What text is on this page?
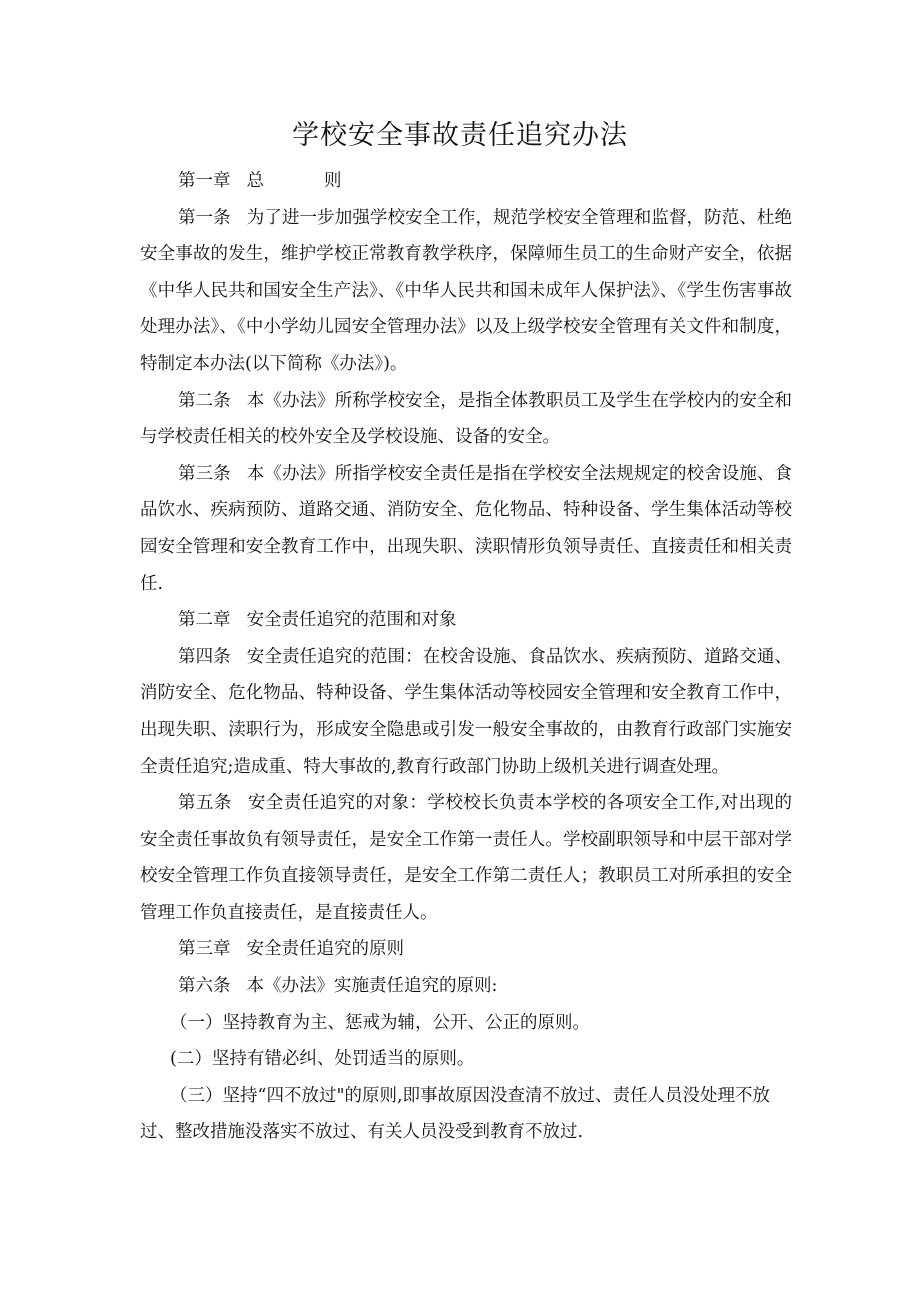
学校安全事故责任追究办法

第一章 总	则

第一条 为了进一步加强学校安全工作，规范学校安全管理和监督，防范、杜绝安全事故的发生，维护学校正常教育教学秩序，保障师生员工的生命财产安全，依据《中华人民共和国安全生产法》、《中华人民共和国未成年人保护法》、《学生伤害事故处理办法》、《中小学幼儿园安全管理办法》以及上级学校安全管理有关文件和制度，特制定本办法(以下简称《办法》)。

第二条 本《办法》所称学校安全，是指全体教职员工及学生在学校内的安全和与学校责任相关的校外安全及学校设施、设备的安全。

第三条 本《办法》所指学校安全责任是指在学校安全法规规定的校舍设施、食品饮水、疾病预防、道路交通、消防安全、危化物品、特种设备、学生集体活动等校园安全管理和安全教育工作中，出现失职、渎职情形负领导责任、直接责任和相关责任.

第二章 安全责任追究的范围和对象

第四条 安全责任追究的范围：在校舍设施、食品饮水、疾病预防、道路交通、消防安全、危化物品、特种设备、学生集体活动等校园安全管理和安全教育工作中，出现失职、渎职行为，形成安全隐患或引发一般安全事故的，由教育行政部门实施安全责任追究;造成重、特大事故的,教育行政部门协助上级机关进行调查处理。

第五条 安全责任追究的对象：学校校长负责本学校的各项安全工作,对出现的安全责任事故负有领导责任，是安全工作第一责任人。学校副职领导和中层干部对学校安全管理工作负直接领导责任，是安全工作第二责任人；教职员工对所承担的安全管理工作负直接责任，是直接责任人。

第三章 安全责任追究的原则

第六条 本《办法》实施责任追究的原则:

（一）坚持教育为主、惩戒为辅，公开、公正的原则。

(二）坚持有错必纠、处罚适当的原则。

（三）坚持“四不放过"的原则,即事故原因没查清不放过、责任人员没处理不放过、整改措施没落实不放过、有关人员没受到教育不放过.
